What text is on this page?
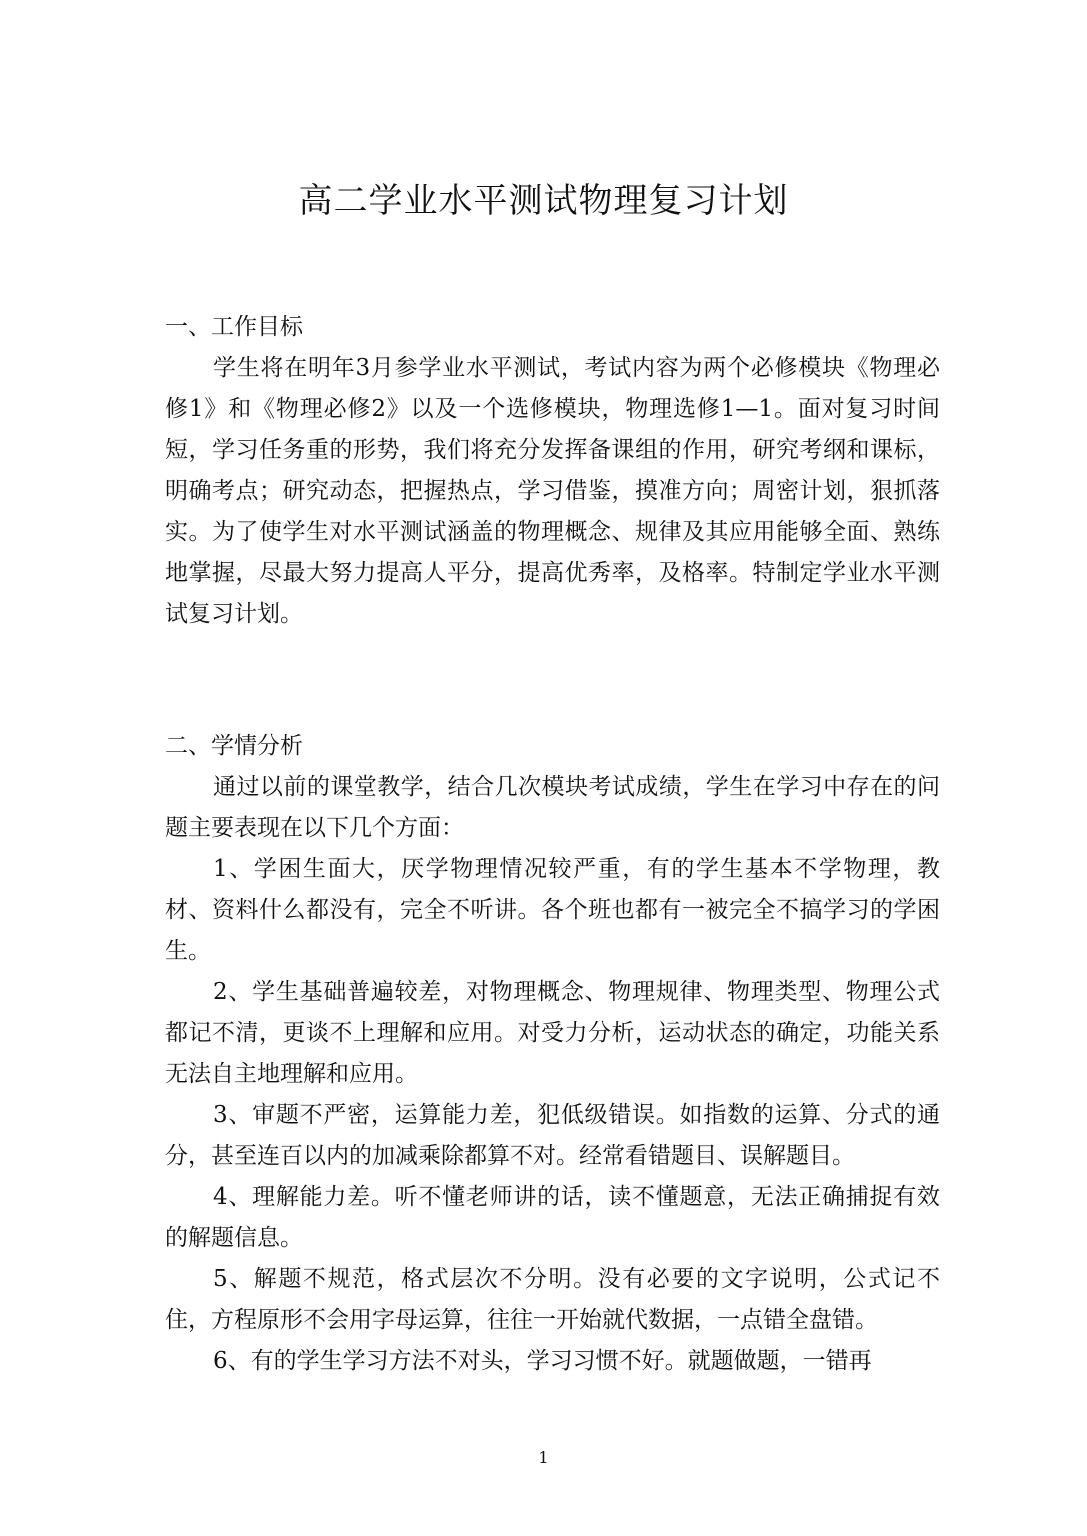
高二学业水平测试物理复习计划

一、工作目标

学生将在明年3月参学业水平测试，考试内容为两个必修模块《物理必修1》和《物理必修2》以及一个选修模块，物理选修1—1。面对复习时间短，学习任务重的形势，我们将充分发挥备课组的作用，研究考纲和课标，明确考点；研究动态，把握热点，学习借鉴，摸准方向；周密计划，狠抓落实。为了使学生对水平测试涵盖的物理概念、规律及其应用能够全面、熟练地掌握，尽最大努力提高人平分，提高优秀率，及格率。特制定学业水平测试复习计划。

二、学情分析

通过以前的课堂教学，结合几次模块考试成绩，学生在学习中存在的问题主要表现在以下几个方面：

1、学困生面大，厌学物理情况较严重，有的学生基本不学物理，教材、资料什么都没有，完全不听讲。各个班也都有一被完全不搞学习的学困生。

2、学生基础普遍较差，对物理概念、物理规律、物理类型、物理公式都记不清，更谈不上理解和应用。对受力分析，运动状态的确定，功能关系无法自主地理解和应用。

3、审题不严密，运算能力差，犯低级错误。如指数的运算、分式的通分，甚至连百以内的加减乘除都算不对。经常看错题目、误解题目。

4、理解能力差。听不懂老师讲的话，读不懂题意，无法正确捕捉有效的解题信息。

5、解题不规范，格式层次不分明。没有必要的文字说明，公式记不住，方程原形不会用字母运算，往往一开始就代数据，一点错全盘错。

6、有的学生学习方法不对头，学习习惯不好。就题做题，一错再

1
